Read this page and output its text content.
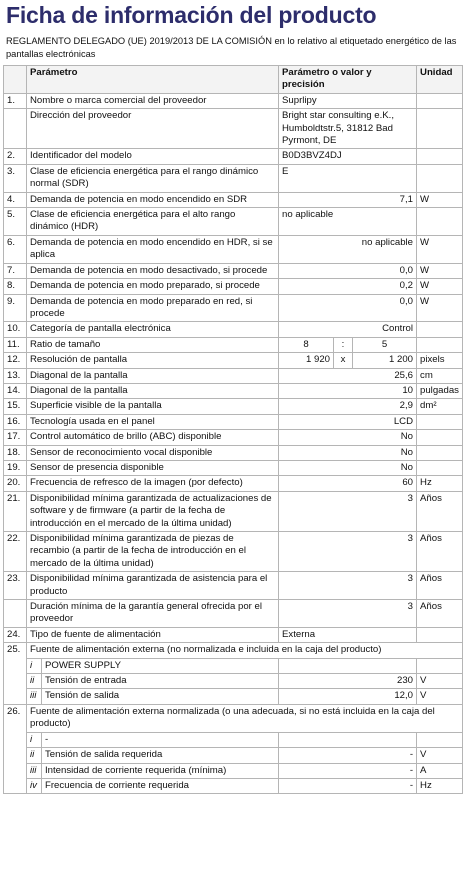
Ficha de información del producto
REGLAMENTO DELEGADO (UE) 2019/2013 DE LA COMISIÓN en lo relativo al etiquetado energético de las pantallas electrónicas
	Parámetro		Parámetro o valor y precisión			Unidad
1.	Nombre o marca comercial del proveedor		Suprlipy			
	Dirección del proveedor		Bright star consulting e.K., Humboldtstr.5, 31812 Bad Pyrmont, DE			
2.	Identificador del modelo		B0D3BVZ4DJ			
3.	Clase de eficiencia energética para el rango dinámico normal (SDR)		E			
4.	Demanda de potencia en modo encendido en SDR		7,1			W
5.	Clase de eficiencia energética para el alto rango dinámico (HDR)		no aplicable			
6.	Demanda de potencia en modo encendido en HDR, si se aplica		no aplicable			W
7.	Demanda de potencia en modo desactivado, si procede		0,0			W
8.	Demanda de potencia en modo preparado, si procede		0,2			W
9.	Demanda de potencia en modo preparado en red, si procede		0,0			W
10.	Categoría de pantalla electrónica		Control			
11.	Ratio de tamaño		8	:	5	
12.	Resolución de pantalla		1 920	x	1 200	pixels
13.	Diagonal de la pantalla		25,6			cm
14.	Diagonal de la pantalla		10			pulgadas
15.	Superficie visible de la pantalla		2,9			dm²
16.	Tecnología usada en el panel		LCD			
17.	Control automático de brillo (ABC) disponible		No			
18.	Sensor de reconocimiento vocal disponible		No			
19.	Sensor de presencia disponible		No			
20.	Frecuencia de refresco de la imagen (por defecto)		60			Hz
21.	Disponibilidad mínima garantizada de actualizaciones de software y de firmware (a partir de la fecha de introducción en el mercado de la última unidad)		3			Años
22.	Disponibilidad mínima garantizada de piezas de recambio (a partir de la fecha de introducción en el mercado de la última unidad)		3			Años
23.	Disponibilidad mínima garantizada de asistencia para el producto		3			Años
	Duración mínima de la garantía general ofrecida por el proveedor		3			Años
24.	Tipo de fuente de alimentación		Externa			
25.	Fuente de alimentación externa (no normalizada e incluida en la caja del producto)					
	i	POWER SUPPLY				
	ii	Tensión de entrada	230			V
	iii	Tensión de salida	12,0			V
26.	Fuente de alimentación externa normalizada (o una adecuada, si no está incluida en la caja del producto)					
	i	-				
	ii	Tensión de salida requerida	-			V
	iii	Intensidad de corriente requerida (mínima)	-			A
	iv	Frecuencia de corriente requerida	-			Hz
